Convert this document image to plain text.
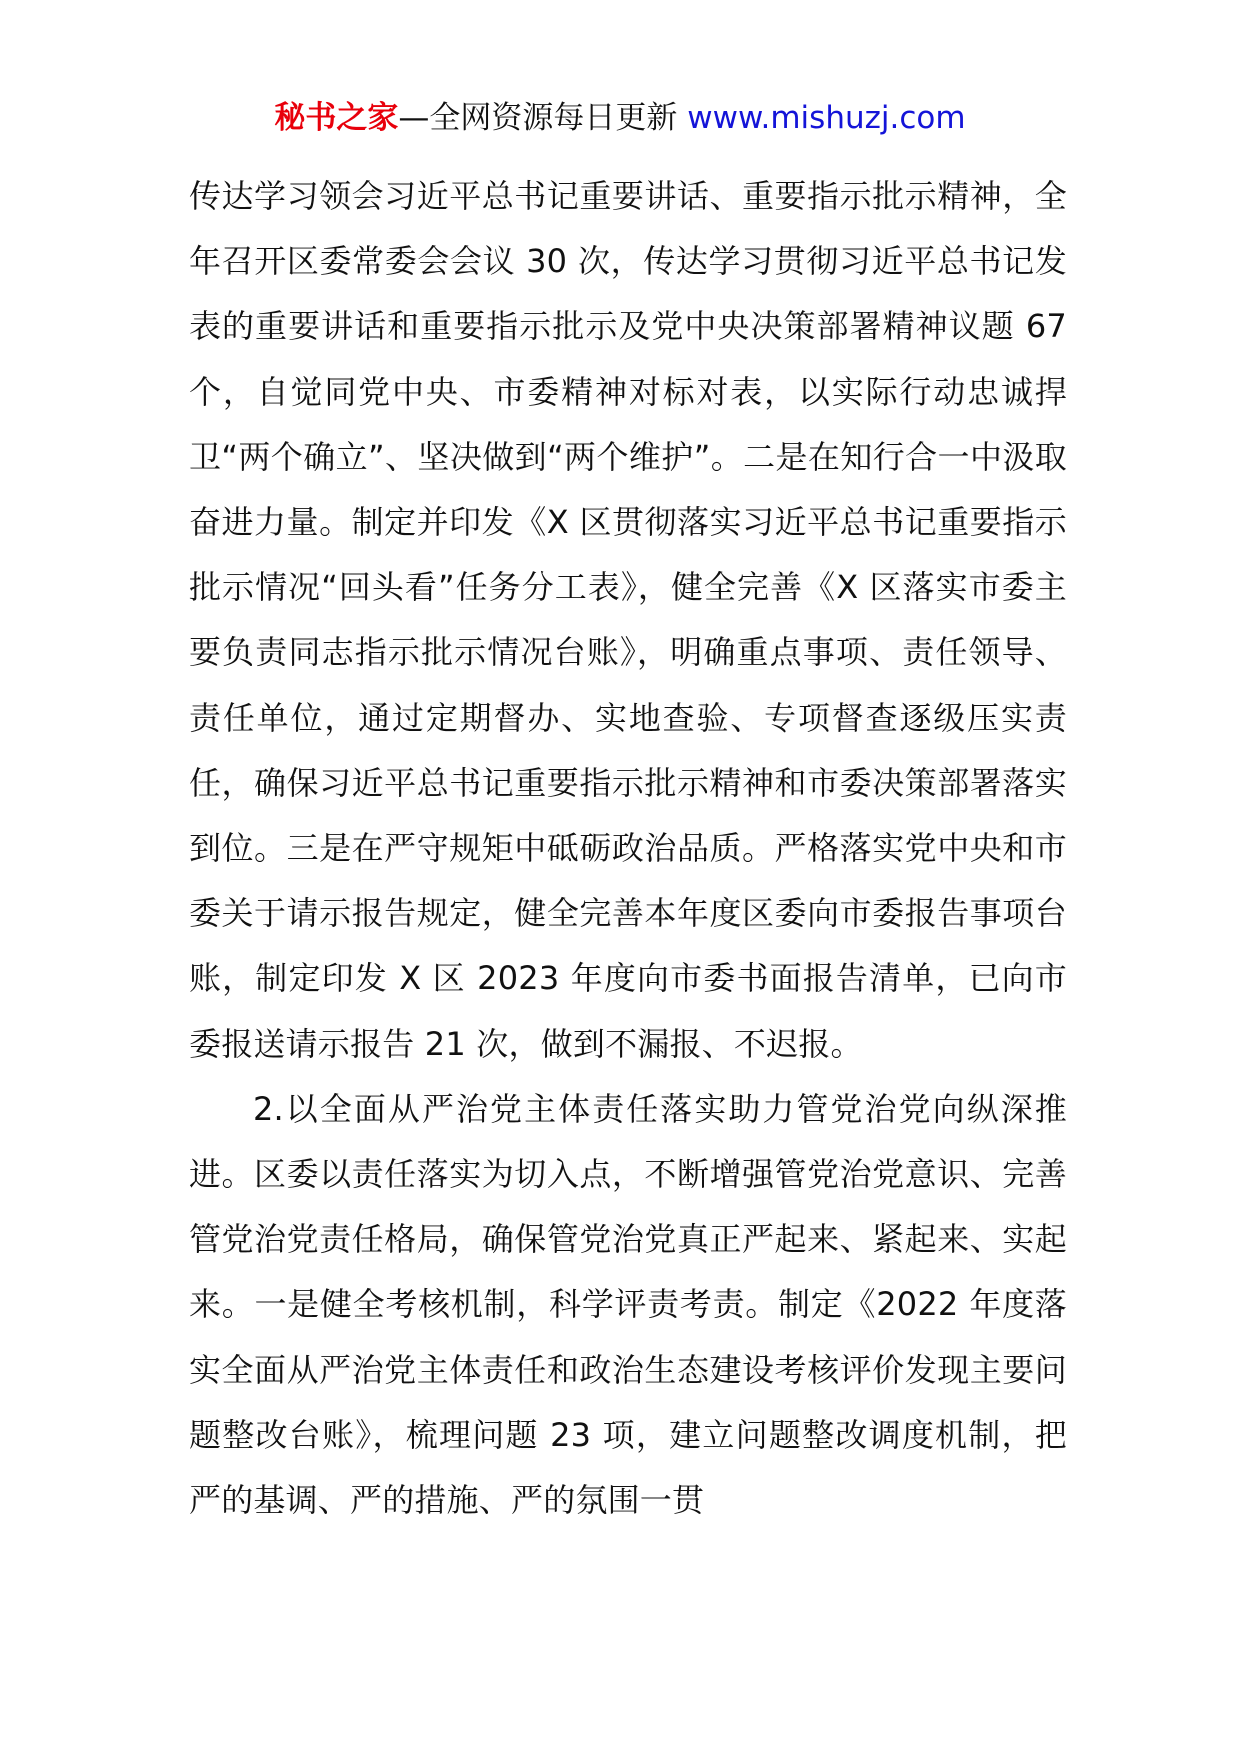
秘书之家—全网资源每日更新 www.mishuzj.com

传达学习领会习近平总书记重要讲话、重要指示批示精神，全年召开区委常委会会议 30 次，传达学习贯彻习近平总书记发表的重要讲话和重要指示批示及党中央决策部署精神议题 67 个，自觉同党中央、市委精神对标对表，以实际行动忠诚捍卫“两个确立”、坚决做到“两个维护”。二是在知行合一中汲取奋进力量。制定并印发《X 区贯彻落实习近平总书记重要指示批示情况“回头看”任务分工表》，健全完善《X 区落实市委主要负责同志指示批示情况台账》，明确重点事项、责任领导、责任单位，通过定期督办、实地查验、专项督查逐级压实责任，确保习近平总书记重要指示批示精神和市委决策部署落实到位。三是在严守规矩中砥砺政治品质。严格落实党中央和市委关于请示报告规定，健全完善本年度区委向市委报告事项台账，制定印发 X 区 2023 年度向市委书面报告清单，已向市委报送请示报告 21 次，做到不漏报、不迟报。

2.以全面从严治党主体责任落实助力管党治党向纵深推进。区委以责任落实为切入点，不断增强管党治党意识、完善管党治党责任格局，确保管党治党真正严起来、紧起来、实起来。一是健全考核机制，科学评责考责。制定《2022 年度落实全面从严治党主体责任和政治生态建设考核评价发现主要问题整改台账》，梳理问题 23 项，建立问题整改调度机制，把严的基调、严的措施、严的氛围一贯
